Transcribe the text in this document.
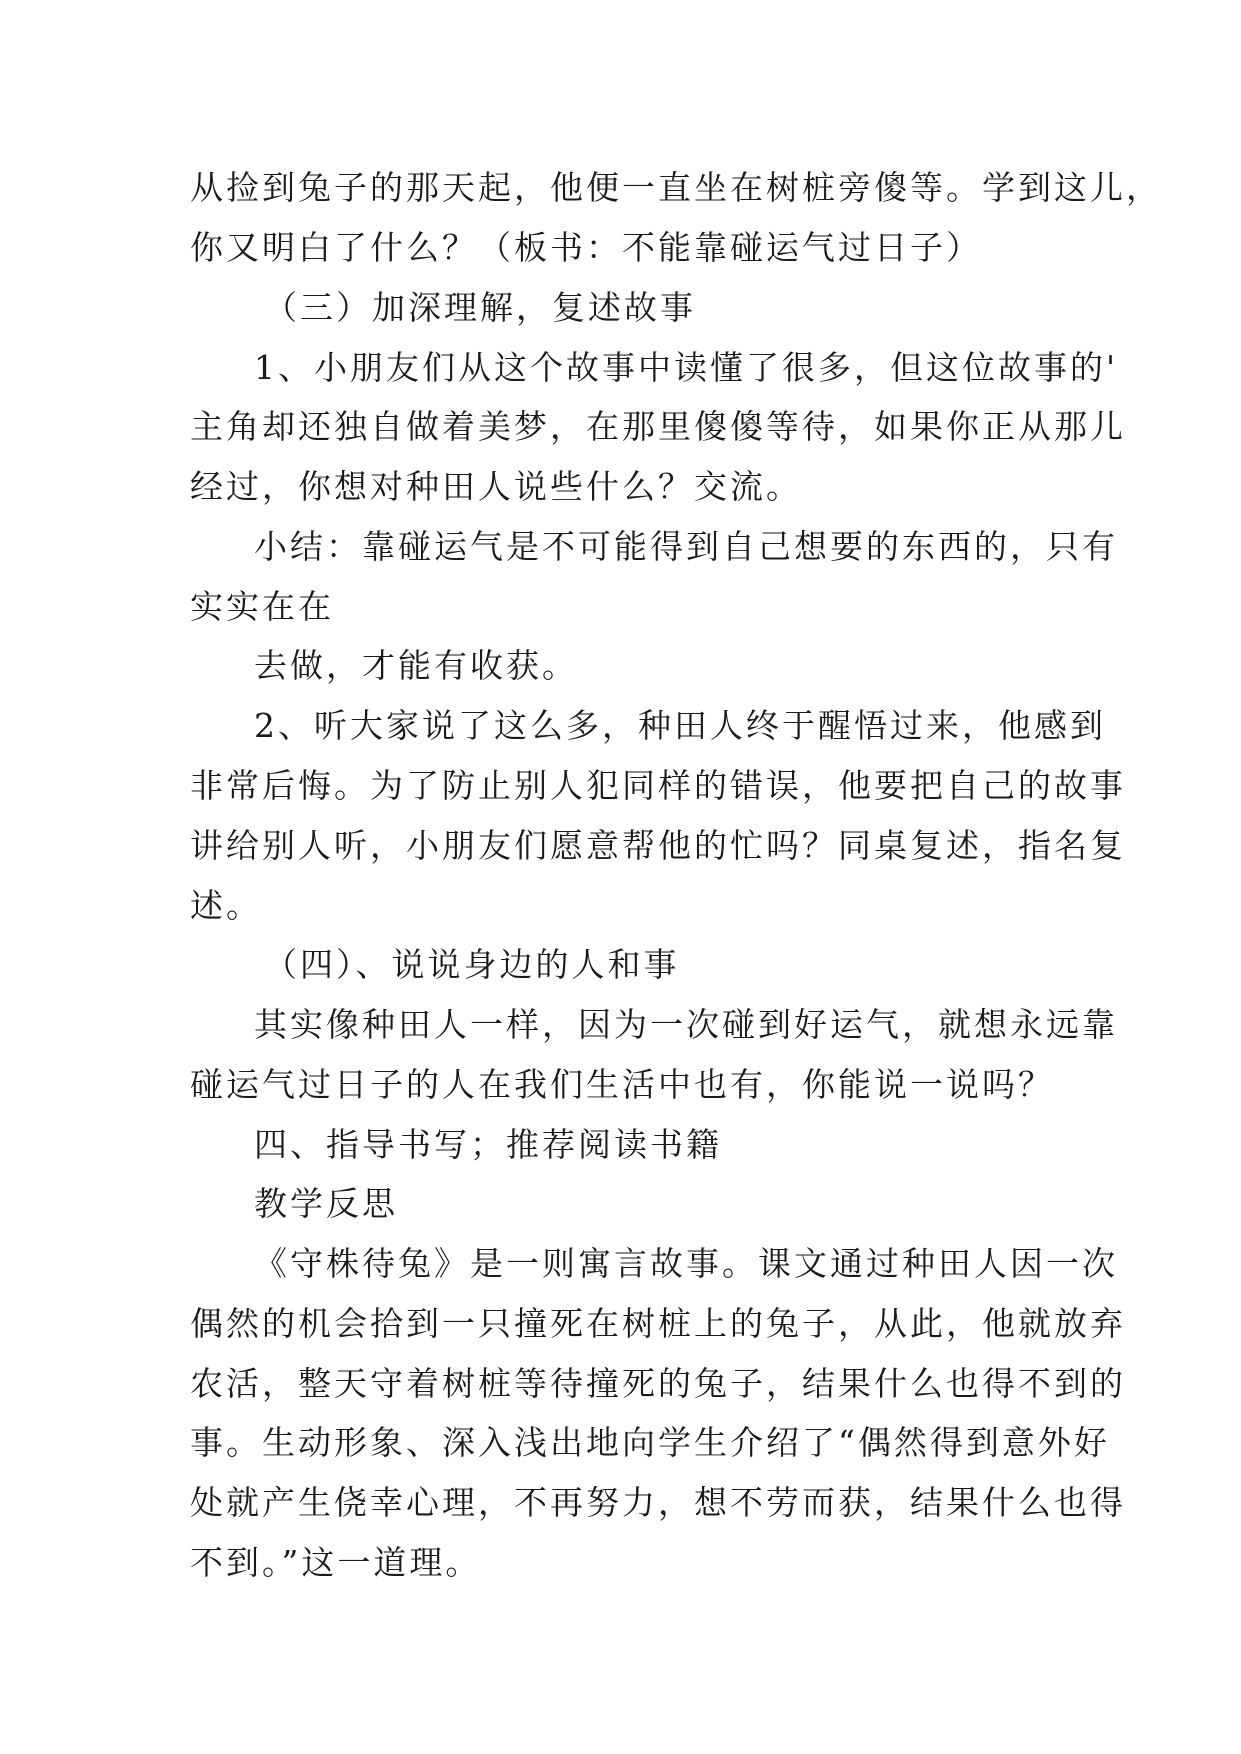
从捡到兔子的那天起，他便一直坐在树桩旁傻等。学到这儿，
你又明白了什么？（板书：不能靠碰运气过日子）
（三）加深理解，复述故事
1、小朋友们从这个故事中读懂了很多，但这位故事的'
主角却还独自做着美梦，在那里傻傻等待，如果你正从那儿
经过，你想对种田人说些什么？交流。
小结：靠碰运气是不可能得到自己想要的东西的，只有
实实在在
去做，才能有收获。
2、听大家说了这么多，种田人终于醒悟过来，他感到
非常后悔。为了防止别人犯同样的错误，他要把自己的故事
讲给别人听，小朋友们愿意帮他的忙吗？同桌复述，指名复
述。
（四）、说说身边的人和事
其实像种田人一样，因为一次碰到好运气，就想永远靠
碰运气过日子的人在我们生活中也有，你能说一说吗？
四、指导书写；推荐阅读书籍
教学反思
《守株待兔》是一则寓言故事。课文通过种田人因一次
偶然的机会拾到一只撞死在树桩上的兔子，从此，他就放弃
农活，整天守着树桩等待撞死的兔子，结果什么也得不到的
事。生动形象、深入浅出地向学生介绍了“偶然得到意外好
处就产生侥幸心理，不再努力，想不劳而获，结果什么也得
不到。”这一道理。
